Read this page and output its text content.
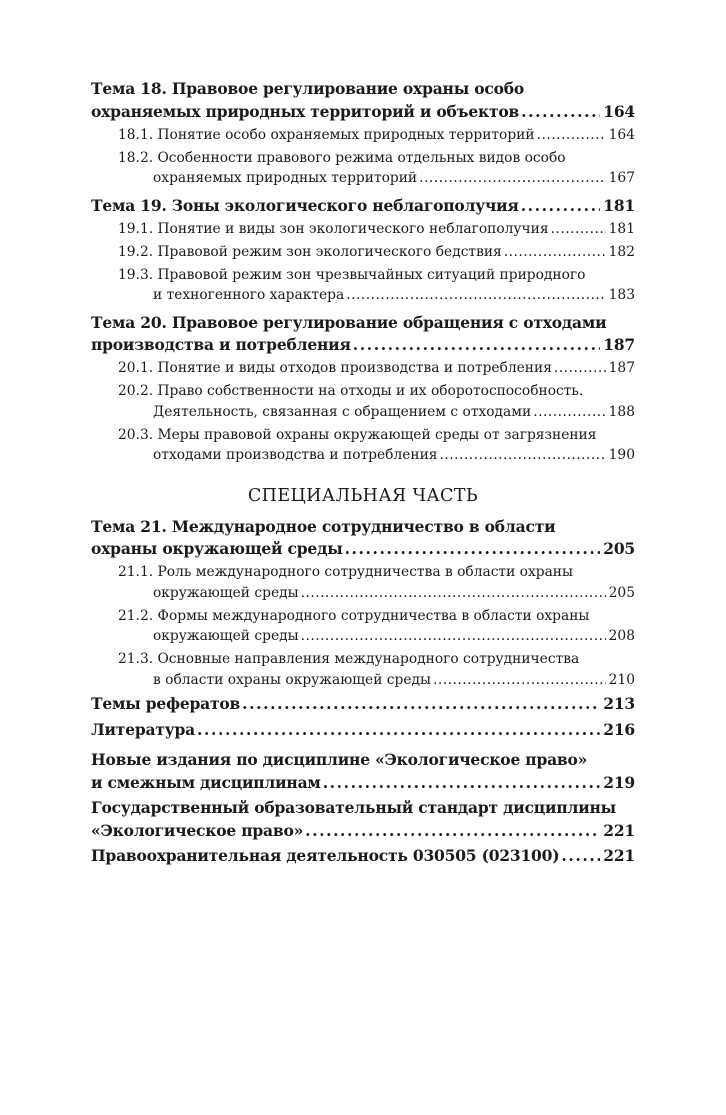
Тема 18. Правовое регулирование охраны особо
охраняемых природных территорий и объектов .....	164
18.1. Понятие особо охраняемых природных территорий .....	164
18.2. Особенности правового режима отдельных видов особо
охраняемых природных территорий .....	167
Тема 19. Зоны экологического неблагополучия .....	181
19.1. Понятие и виды зон экологического неблагополучия .....	181
19.2. Правовой режим зон экологического бедствия .....	182
19.3. Правовой режим зон чрезвычайных ситуаций природного
и техногенного характера .....	183
Тема 20. Правовое регулирование обращения с отходами
производства и потребления .....	187
20.1. Понятие и виды отходов производства и потребления .....	187
20.2. Право собственности на отходы и их оборотоспособность.
Деятельность, связанная с обращением с отходами .....	188
20.3. Меры правовой охраны окружающей среды от загрязнения
отходами производства и потребления .....	190
СПЕЦИАЛЬНАЯ ЧАСТЬ
Тема 21. Международное сотрудничество в области
охраны окружающей среды .....	205
21.1. Роль международного сотрудничества в области охраны
окружающей среды .....	205
21.2. Формы международного сотрудничества в области охраны
окружающей среды .....	208
21.3. Основные направления международного сотрудничества
в области охраны окружающей среды .....	210
Темы рефератов .....	213
Литература .....	216
Новые издания по дисциплине «Экологическое право»
и смежным дисциплинам .....	219
Государственный образовательный стандарт дисциплины
«Экологическое право» .....	221
Правоохранительная деятельность 030505 (023100) .....	221
